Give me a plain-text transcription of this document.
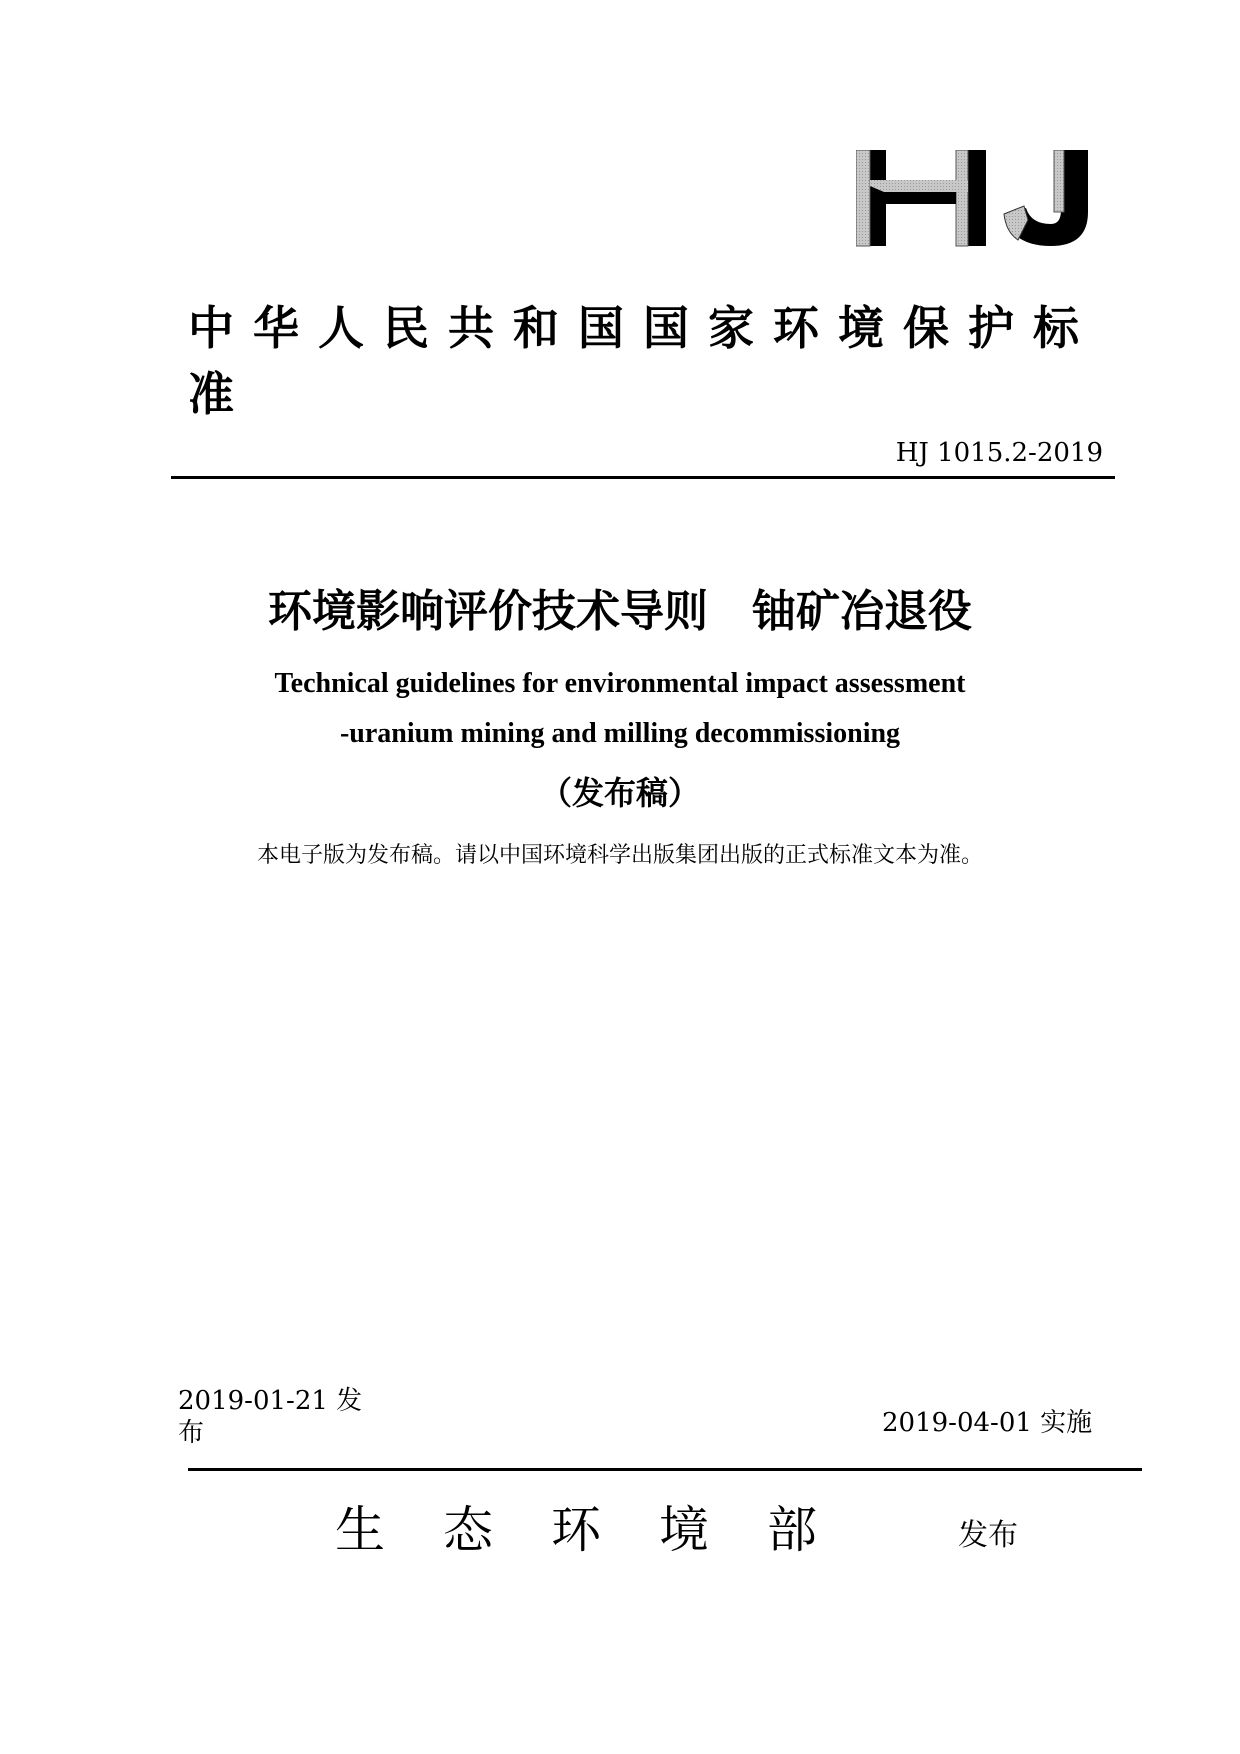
中华人民共和国国家环境保护标准
HJ 1015.2-2019
环境影响评价技术导则　铀矿冶退役
Technical guidelines for environmental impact assessment
-uranium mining and milling decommissioning
（发布稿）
本电子版为发布稿。请以中国环境科学出版集团出版的正式标准文本为准。
2019-01-21 发布	2019-04-01 实施
生态环境部	发布
